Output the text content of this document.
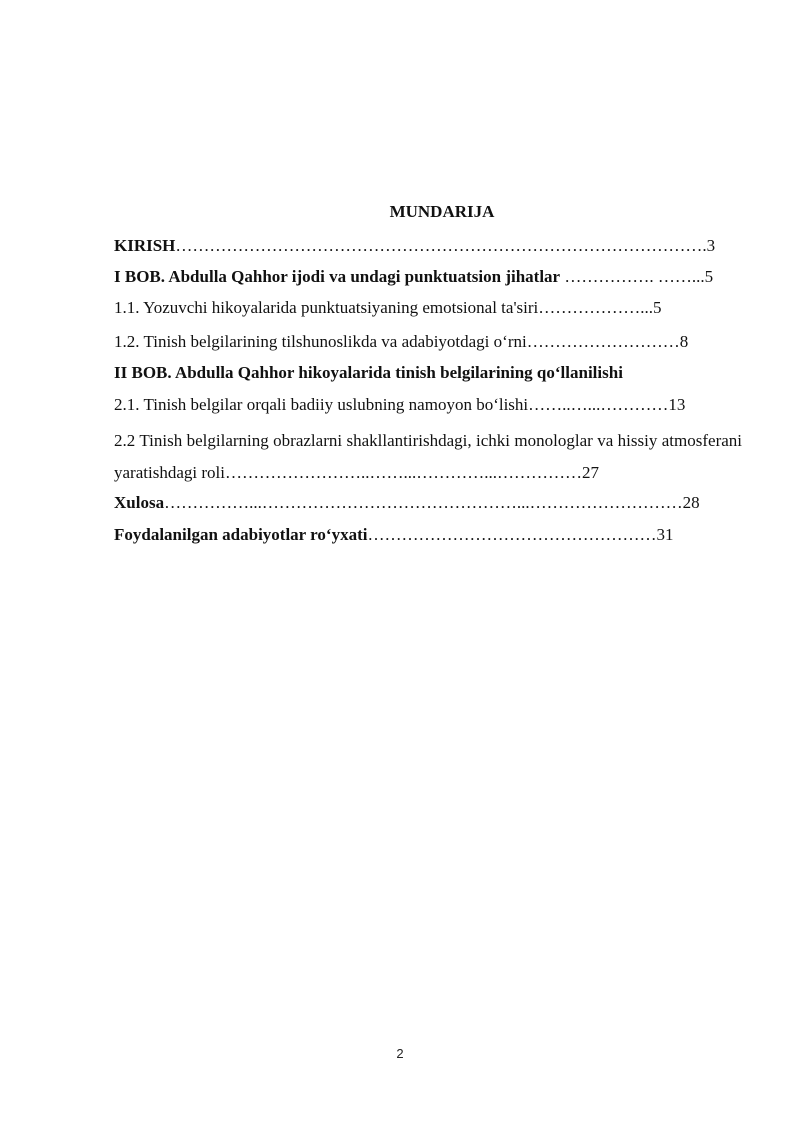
MUNDARIJA
KIRISH………………………………………………………………………………….3
I BOB. Abdulla Qahhor ijodi va undagi punktuatsion jihatlar ……………. ……...5
1.1. Yozuvchi hikoyalarida punktuatsiyaning emotsional ta'siri………………...5
1.2. Tinish belgilarining tilshunoslikda va adabiyotdagi o‘rni………………………8
II BOB. Abdulla Qahhor hikoyalarida tinish belgilarining qo‘llanilishi
2.1. Tinish belgilar orqali badiiy uslubning namoyon bo‘lishi……..…...…………13
2.2 Tinish belgilarning obrazlarni shakllantirishdagi, ichki monologlar va hissiy atmosferani yaratishdagi roli……………………..……...…………...……………27
Xulosa……………...………………………………………...………………………28
Foydalanilgan adabiyotlar ro‘yxati……………………………………………31
2
